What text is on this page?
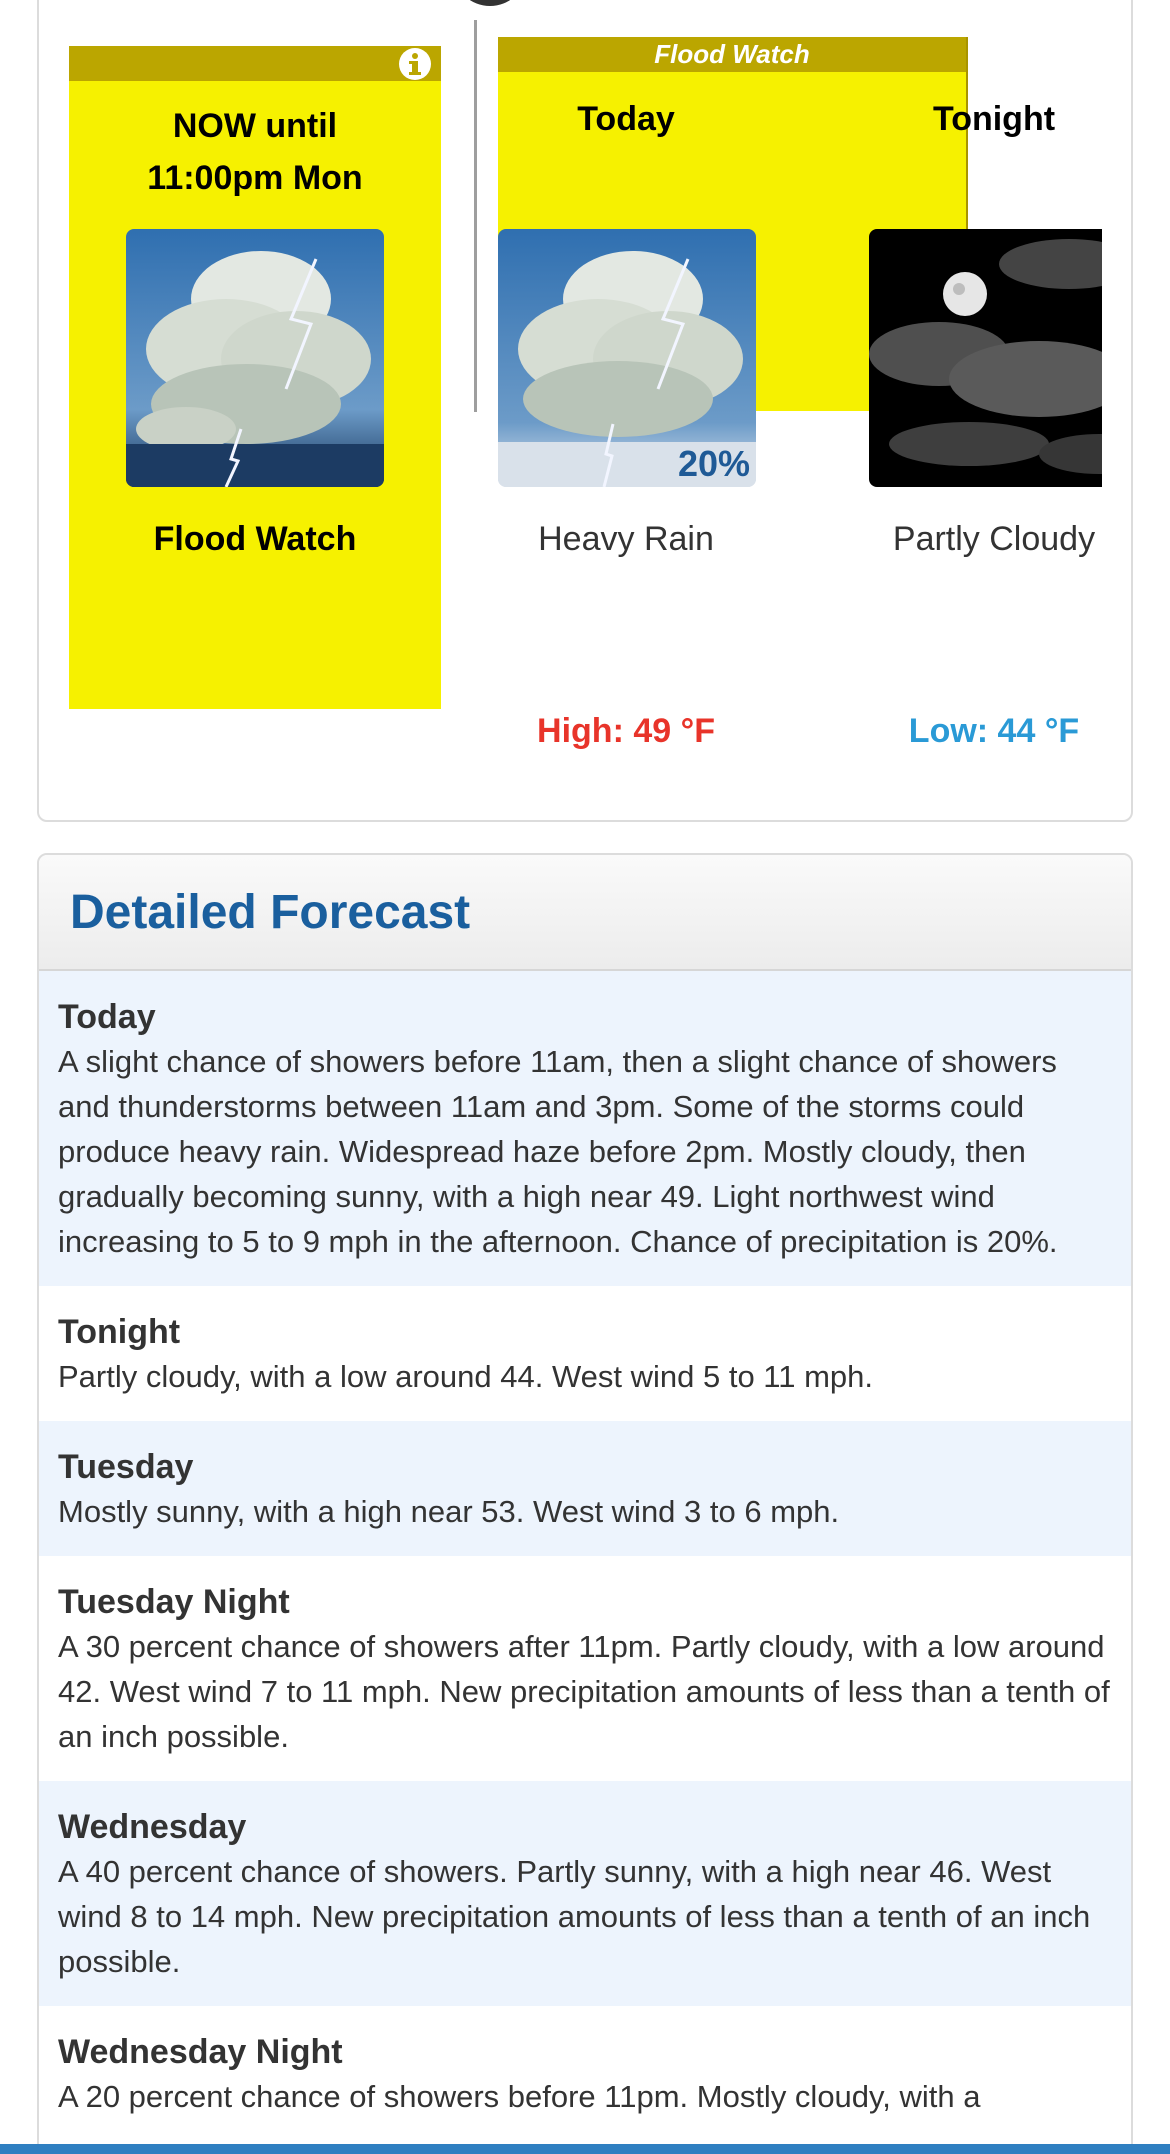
NOW until
11:00pm Mon
Flood Watch
Flood Watch
Today
20%
Heavy Rain
High: 49 °F
Tonight
Partly Cloudy
Low: 44 °F
Detailed Forecast
Today
A slight chance of showers before 11am, then a slight chance of showers and thunderstorms between 11am and 3pm. Some of the storms could produce heavy rain. Widespread haze before 2pm. Mostly cloudy, then gradually becoming sunny, with a high near 49. Light northwest wind increasing to 5 to 9 mph in the afternoon. Chance of precipitation is 20%.
Tonight
Partly cloudy, with a low around 44. West wind 5 to 11 mph.
Tuesday
Mostly sunny, with a high near 53. West wind 3 to 6 mph.
Tuesday Night
A 30 percent chance of showers after 11pm. Partly cloudy, with a low around 42. West wind 7 to 11 mph. New precipitation amounts of less than a tenth of an inch possible.
Wednesday
A 40 percent chance of showers. Partly sunny, with a high near 46. West wind 8 to 14 mph. New precipitation amounts of less than a tenth of an inch possible.
Wednesday Night
A 20 percent chance of showers before 11pm. Mostly cloudy, with a
